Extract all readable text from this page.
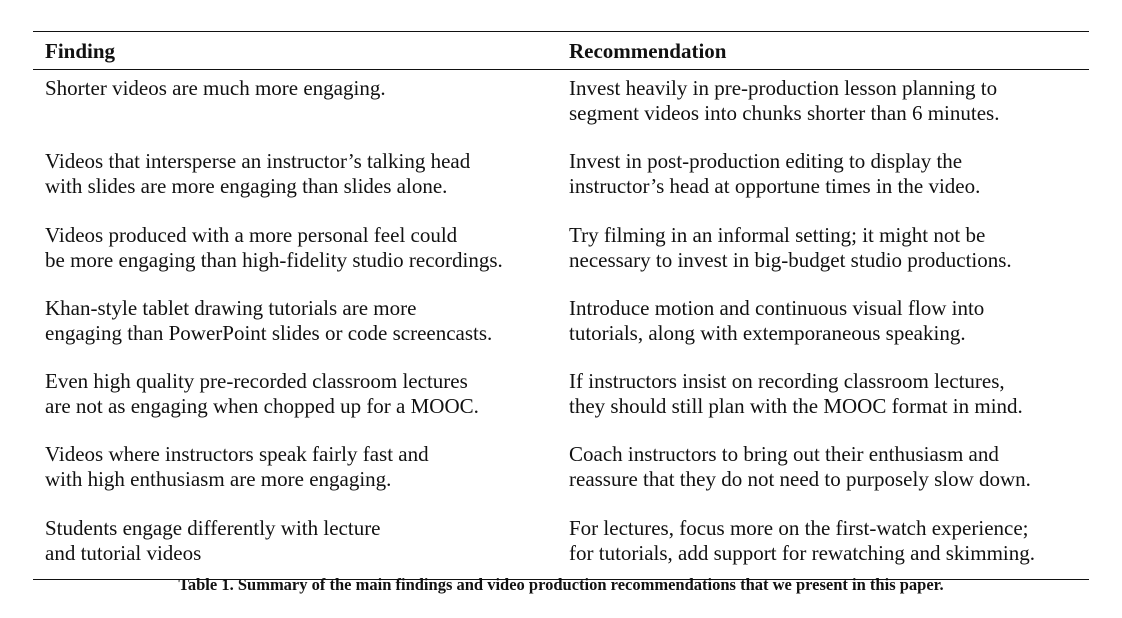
Finding	Recommendation
Shorter videos are much more engaging.	Invest heavily in pre-production lesson planning to
segment videos into chunks shorter than 6 minutes.
Videos that intersperse an instructor’s talking head
with slides are more engaging than slides alone.
Invest in post-production editing to display the
instructor’s head at opportune times in the video.
Videos produced with a more personal feel could
be more engaging than high-fidelity studio recordings.
Try filming in an informal setting; it might not be
necessary to invest in big-budget studio productions.
Khan-style tablet drawing tutorials are more
engaging than PowerPoint slides or code screencasts.
Introduce motion and continuous visual flow into
tutorials, along with extemporaneous speaking.
Even high quality pre-recorded classroom lectures
are not as engaging when chopped up for a MOOC.
If instructors insist on recording classroom lectures,
they should still plan with the MOOC format in mind.
Videos where instructors speak fairly fast and
with high enthusiasm are more engaging.
Coach instructors to bring out their enthusiasm and
reassure that they do not need to purposely slow down.
Students engage differently with lecture
and tutorial videos
For lectures, focus more on the first-watch experience;
for tutorials, add support for rewatching and skimming.
Table 1. Summary of the main findings and video production recommendations that we present in this paper.
